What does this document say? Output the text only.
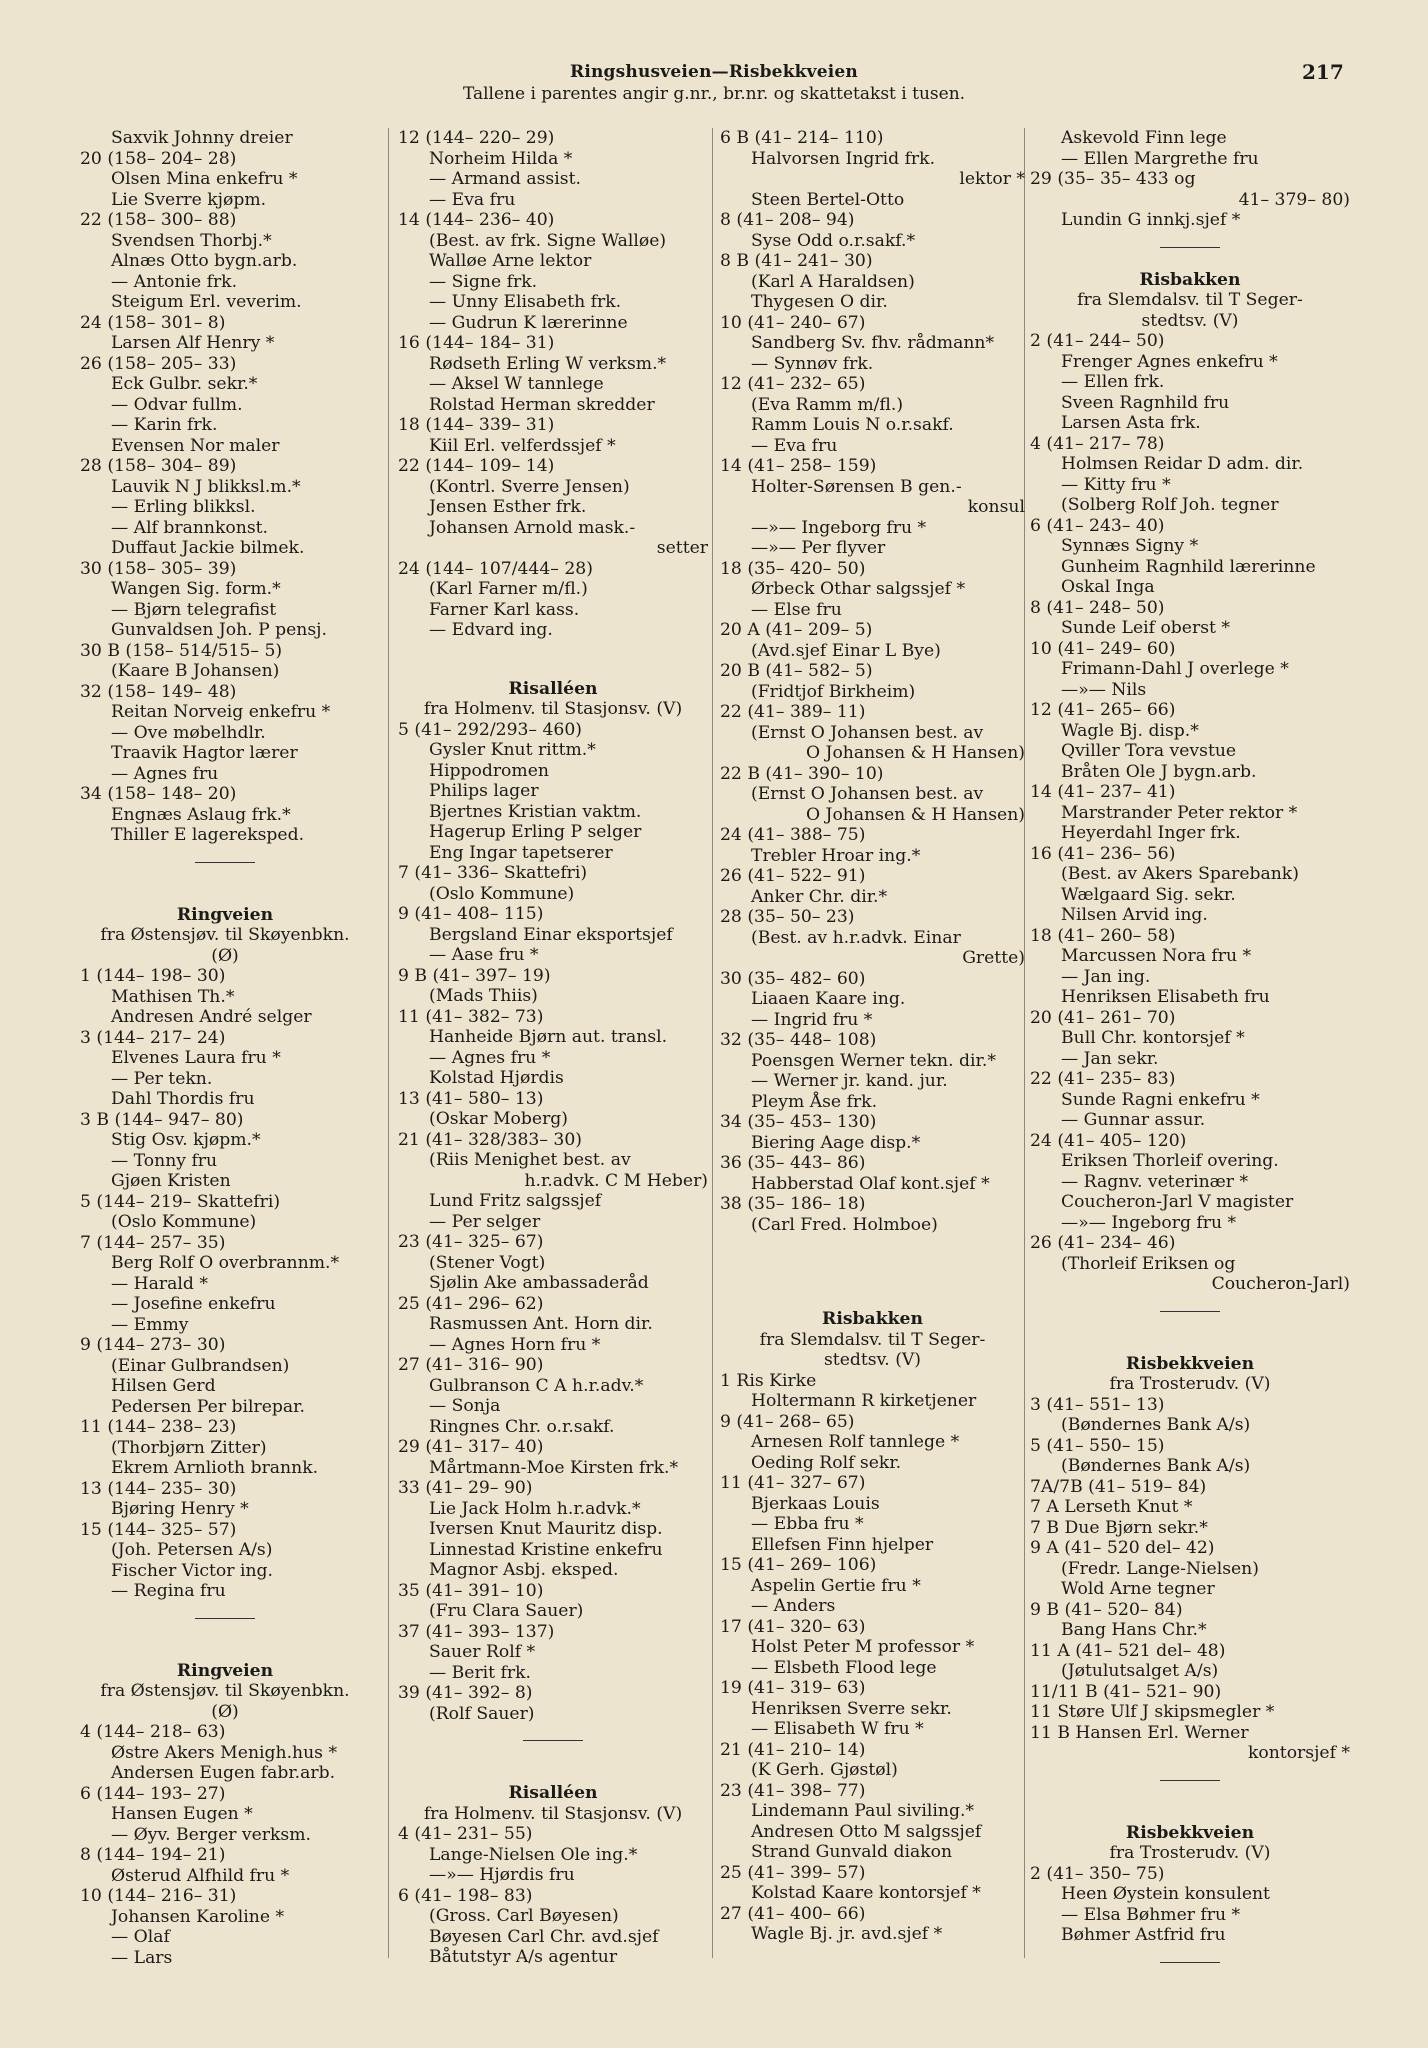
Ringshusveien—Risbekkveien
Tallene i parentes angir g.nr., br.nr. og skattetakst i tusen.
217
Saxvik Johnny dreier
20 (158– 204– 28)
Olsen Mina enkefru *
Lie Sverre kjøpm.
22 (158– 300– 88)
Svendsen Thorbj.*
Alnæs Otto bygn.arb.
— Antonie frk.
Steigum Erl. veverim.
24 (158– 301– 8)
Larsen Alf Henry *
26 (158– 205– 33)
Eck Gulbr. sekr.*
— Odvar fullm.
— Karin frk.
Evensen Nor maler
28 (158– 304– 89)
Lauvik N J blikksl.m.*
— Erling blikksl.
— Alf brannkonst.
Duffaut Jackie bilmek.
30 (158– 305– 39)
Wangen Sig. form.*
— Bjørn telegrafist
Gunvaldsen Joh. P pensj.
30 B (158– 514/515– 5)
(Kaare B Johansen)
32 (158– 149– 48)
Reitan Norveig enkefru *
— Ove møbelhdlr.
Traavik Hagtor lærer
— Agnes fru
34 (158– 148– 20)
Engnæs Aslaug frk.*
Thiller E lagereksped.
Ringveien
fra Østensjøv. til Skøyenbkn.
(Ø)
1 (144– 198– 30)
Mathisen Th.*
Andresen André selger
3 (144– 217– 24)
Elvenes Laura fru *
— Per tekn.
Dahl Thordis fru
3 B (144– 947– 80)
Stig Osv. kjøpm.*
— Tonny fru
Gjøen Kristen
5 (144– 219– Skattefri)
(Oslo Kommune)
7 (144– 257– 35)
Berg Rolf O overbrannm.*
— Harald *
— Josefine enkefru
— Emmy
9 (144– 273– 30)
(Einar Gulbrandsen)
Hilsen Gerd
Pedersen Per bilrepar.
11 (144– 238– 23)
(Thorbjørn Zitter)
Ekrem Arnlioth brannk.
13 (144– 235– 30)
Bjøring Henry *
15 (144– 325– 57)
(Joh. Petersen A/s)
Fischer Victor ing.
— Regina fru
Ringveien
fra Østensjøv. til Skøyenbkn.
(Ø)
4 (144– 218– 63)
Østre Akers Menigh.hus *
Andersen Eugen fabr.arb.
6 (144– 193– 27)
Hansen Eugen *
— Øyv. Berger verksm.
8 (144– 194– 21)
Østerud Alfhild fru *
10 (144– 216– 31)
Johansen Karoline *
— Olaf
— Lars
12 (144– 220– 29)
Norheim Hilda *
— Armand assist.
— Eva fru
14 (144– 236– 40)
(Best. av frk. Signe Walløe)
Walløe Arne lektor
— Signe frk.
— Unny Elisabeth frk.
— Gudrun K lærerinne
16 (144– 184– 31)
Rødseth Erling W verksm.*
— Aksel W tannlege
Rolstad Herman skredder
18 (144– 339– 31)
Kiil Erl. velferdssjef *
22 (144– 109– 14)
(Kontrl. Sverre Jensen)
Jensen Esther frk.
Johansen Arnold mask.-
setter
24 (144– 107/444– 28)
(Karl Farner m/fl.)
Farner Karl kass.
— Edvard ing.
Risalléen
fra Holmenv. til Stasjonsv. (V)
5 (41– 292/293– 460)
Gysler Knut rittm.*
Hippodromen
Philips lager
Bjertnes Kristian vaktm.
Hagerup Erling P selger
Eng Ingar tapetserer
7 (41– 336– Skattefri)
(Oslo Kommune)
9 (41– 408– 115)
Bergsland Einar eksportsjef
— Aase fru *
9 B (41– 397– 19)
(Mads Thiis)
11 (41– 382– 73)
Hanheide Bjørn aut. transl.
— Agnes fru *
Kolstad Hjørdis
13 (41– 580– 13)
(Oskar Moberg)
21 (41– 328/383– 30)
(Riis Menighet best. av
h.r.advk. C M Heber)
Lund Fritz salgssjef
— Per selger
23 (41– 325– 67)
(Stener Vogt)
Sjølin Ake ambassaderåd
25 (41– 296– 62)
Rasmussen Ant. Horn dir.
— Agnes Horn fru *
27 (41– 316– 90)
Gulbranson C A h.r.adv.*
— Sonja
Ringnes Chr. o.r.sakf.
29 (41– 317– 40)
Mårtmann-Moe Kirsten frk.*
33 (41– 29– 90)
Lie Jack Holm h.r.advk.*
Iversen Knut Mauritz disp.
Linnestad Kristine enkefru
Magnor Asbj. eksped.
35 (41– 391– 10)
(Fru Clara Sauer)
37 (41– 393– 137)
Sauer Rolf *
— Berit frk.
39 (41– 392– 8)
(Rolf Sauer)
Risalléen
fra Holmenv. til Stasjonsv. (V)
4 (41– 231– 55)
Lange-Nielsen Ole ing.*
—»— Hjørdis fru
6 (41– 198– 83)
(Gross. Carl Bøyesen)
Bøyesen Carl Chr. avd.sjef
Båtutstyr A/s agentur
6 B (41– 214– 110)
Halvorsen Ingrid frk.
lektor *
Steen Bertel-Otto
8 (41– 208– 94)
Syse Odd o.r.sakf.*
8 B (41– 241– 30)
(Karl A Haraldsen)
Thygesen O dir.
10 (41– 240– 67)
Sandberg Sv. fhv. rådmann*
— Synnøv frk.
12 (41– 232– 65)
(Eva Ramm m/fl.)
Ramm Louis N o.r.sakf.
— Eva fru
14 (41– 258– 159)
Holter-Sørensen B gen.-
konsul
—»— Ingeborg fru *
—»— Per flyver
18 (35– 420– 50)
Ørbeck Othar salgssjef *
— Else fru
20 A (41– 209– 5)
(Avd.sjef Einar L Bye)
20 B (41– 582– 5)
(Fridtjof Birkheim)
22 (41– 389– 11)
(Ernst O Johansen best. av
O Johansen & H Hansen)
22 B (41– 390– 10)
(Ernst O Johansen best. av
O Johansen & H Hansen)
24 (41– 388– 75)
Trebler Hroar ing.*
26 (41– 522– 91)
Anker Chr. dir.*
28 (35– 50– 23)
(Best. av h.r.advk. Einar
Grette)
30 (35– 482– 60)
Liaaen Kaare ing.
— Ingrid fru *
32 (35– 448– 108)
Poensgen Werner tekn. dir.*
— Werner jr. kand. jur.
Pleym Åse frk.
34 (35– 453– 130)
Biering Aage disp.*
36 (35– 443– 86)
Habberstad Olaf kont.sjef *
38 (35– 186– 18)
(Carl Fred. Holmboe)
Risbakken
fra Slemdalsv. til T Seger-
stedtsv. (V)
1 Ris Kirke
Holtermann R kirketjener
9 (41– 268– 65)
Arnesen Rolf tannlege *
Oeding Rolf sekr.
11 (41– 327– 67)
Bjerkaas Louis
— Ebba fru *
Ellefsen Finn hjelper
15 (41– 269– 106)
Aspelin Gertie fru *
— Anders
17 (41– 320– 63)
Holst Peter M professor *
— Elsbeth Flood lege
19 (41– 319– 63)
Henriksen Sverre sekr.
— Elisabeth W fru *
21 (41– 210– 14)
(K Gerh. Gjøstøl)
23 (41– 398– 77)
Lindemann Paul siviling.*
Andresen Otto M salgssjef
Strand Gunvald diakon
25 (41– 399– 57)
Kolstad Kaare kontorsjef *
27 (41– 400– 66)
Wagle Bj. jr. avd.sjef *
Askevold Finn lege
— Ellen Margrethe fru
29 (35– 35– 433 og
41– 379– 80)
Lundin G innkj.sjef *
Risbakken
fra Slemdalsv. til T Seger-
stedtsv. (V)
2 (41– 244– 50)
Frenger Agnes enkefru *
— Ellen frk.
Sveen Ragnhild fru
Larsen Asta frk.
4 (41– 217– 78)
Holmsen Reidar D adm. dir.
— Kitty fru *
(Solberg Rolf Joh. tegner
6 (41– 243– 40)
Synnæs Signy *
Gunheim Ragnhild lærerinne
Oskal Inga
8 (41– 248– 50)
Sunde Leif oberst *
10 (41– 249– 60)
Frimann-Dahl J overlege *
—»— Nils
12 (41– 265– 66)
Wagle Bj. disp.*
Qviller Tora vevstue
Bråten Ole J bygn.arb.
14 (41– 237– 41)
Marstrander Peter rektor *
Heyerdahl Inger frk.
16 (41– 236– 56)
(Best. av Akers Sparebank)
Wælgaard Sig. sekr.
Nilsen Arvid ing.
18 (41– 260– 58)
Marcussen Nora fru *
— Jan ing.
Henriksen Elisabeth fru
20 (41– 261– 70)
Bull Chr. kontorsjef *
— Jan sekr.
22 (41– 235– 83)
Sunde Ragni enkefru *
— Gunnar assur.
24 (41– 405– 120)
Eriksen Thorleif overing.
— Ragnv. veterinær *
Coucheron-Jarl V magister
—»— Ingeborg fru *
26 (41– 234– 46)
(Thorleif Eriksen og
Coucheron-Jarl)
Risbekkveien
fra Trosterudv. (V)
3 (41– 551– 13)
(Bøndernes Bank A/s)
5 (41– 550– 15)
(Bøndernes Bank A/s)
7A/7B (41– 519– 84)
7 A Lerseth Knut *
7 B Due Bjørn sekr.*
9 A (41– 520 del– 42)
(Fredr. Lange-Nielsen)
Wold Arne tegner
9 B (41– 520– 84)
Bang Hans Chr.*
11 A (41– 521 del– 48)
(Jøtulutsalget A/s)
11/11 B (41– 521– 90)
11 Støre Ulf J skipsmegler *
11 B Hansen Erl. Werner
kontorsjef *
Risbekkveien
fra Trosterudv. (V)
2 (41– 350– 75)
Heen Øystein konsulent
— Elsa Bøhmer fru *
Bøhmer Astfrid fru
